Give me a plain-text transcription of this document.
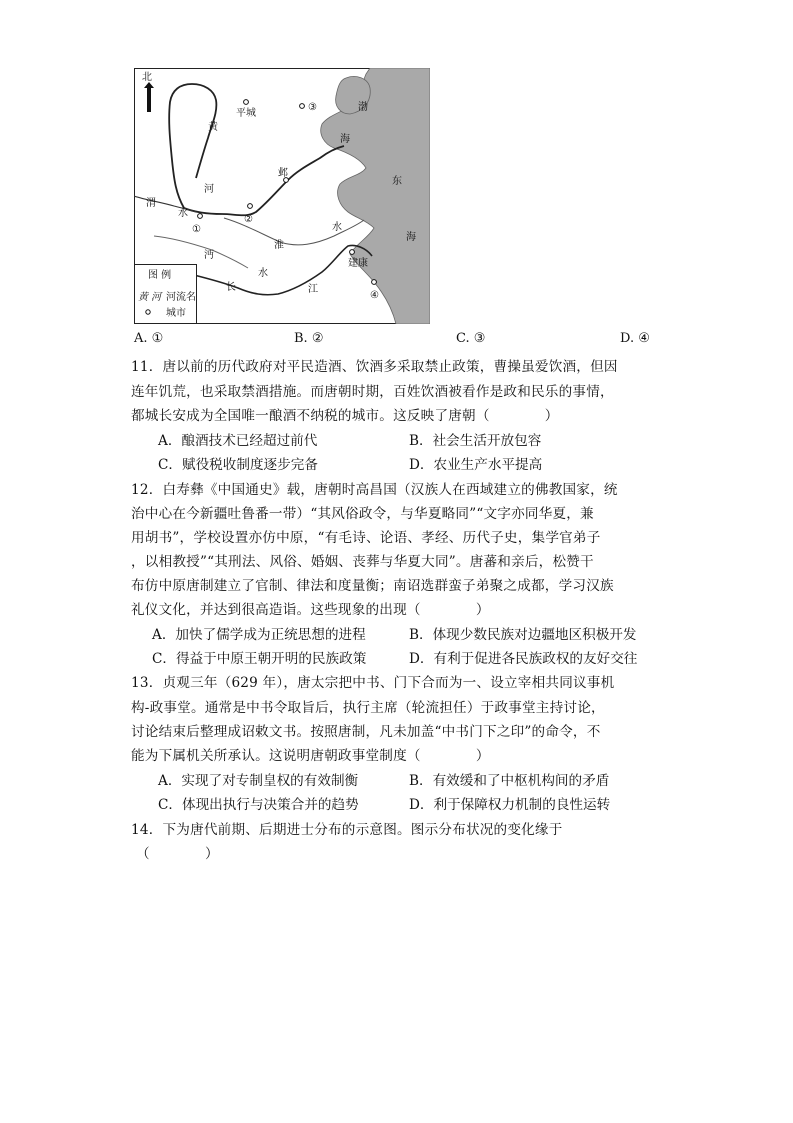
北
平城
③	渤
海
黄
河
邺
东
渭
水
①
②
淮
水
海
沔
水
建康
长	江
④
图 例
黄 河 河流名
城市
A. ①	B. ②	C. ③	D. ④
11．唐以前的历代政府对平民造酒、饮酒多采取禁止政策，曹操虽爱饮酒，但因
连年饥荒，也采取禁酒措施。而唐朝时期，百姓饮酒被看作是政和民乐的事情，
都城长安成为全国唯一酿酒不纳税的城市。这反映了唐朝（　　　　）
A．酿酒技术已经超过前代	B．社会生活开放包容
C．赋役税收制度逐步完备	D．农业生产水平提高
12．白寿彝《中国通史》载，唐朝时高昌国（汉族人在西域建立的佛教国家，统
治中心在今新疆吐鲁番一带）“其风俗政令，与华夏略同”“文字亦同华夏，兼
用胡书”，学校设置亦仿中原，“有毛诗、论语、孝经、历代子史，集学官弟子
，以相教授”“其刑法、风俗、婚姻、丧葬与华夏大同”。唐蕃和亲后，松赞干
布仿中原唐制建立了官制、律法和度量衡；南诏选群蛮子弟聚之成都，学习汉族
礼仪文化，并达到很高造诣。这些现象的出现（　　　　）
A．加快了儒学成为正统思想的进程	B．体现少数民族对边疆地区积极开发
C．得益于中原王朝开明的民族政策	D．有利于促进各民族政权的友好交往
13．贞观三年（629 年），唐太宗把中书、门下合而为一、设立宰相共同议事机
构-政事堂。通常是中书令取旨后，执行主席（轮流担任）于政事堂主持讨论，
讨论结束后整理成诏敕文书。按照唐制，凡未加盖“中书门下之印”的命令，不
能为下属机关所承认。这说明唐朝政事堂制度（　　　　）
A．实现了对专制皇权的有效制衡	B．有效缓和了中枢机构间的矛盾
C．体现出执行与决策合并的趋势	D．利于保障权力机制的良性运转
14．下为唐代前期、后期进士分布的示意图。图示分布状况的变化缘于
（　　　　）
